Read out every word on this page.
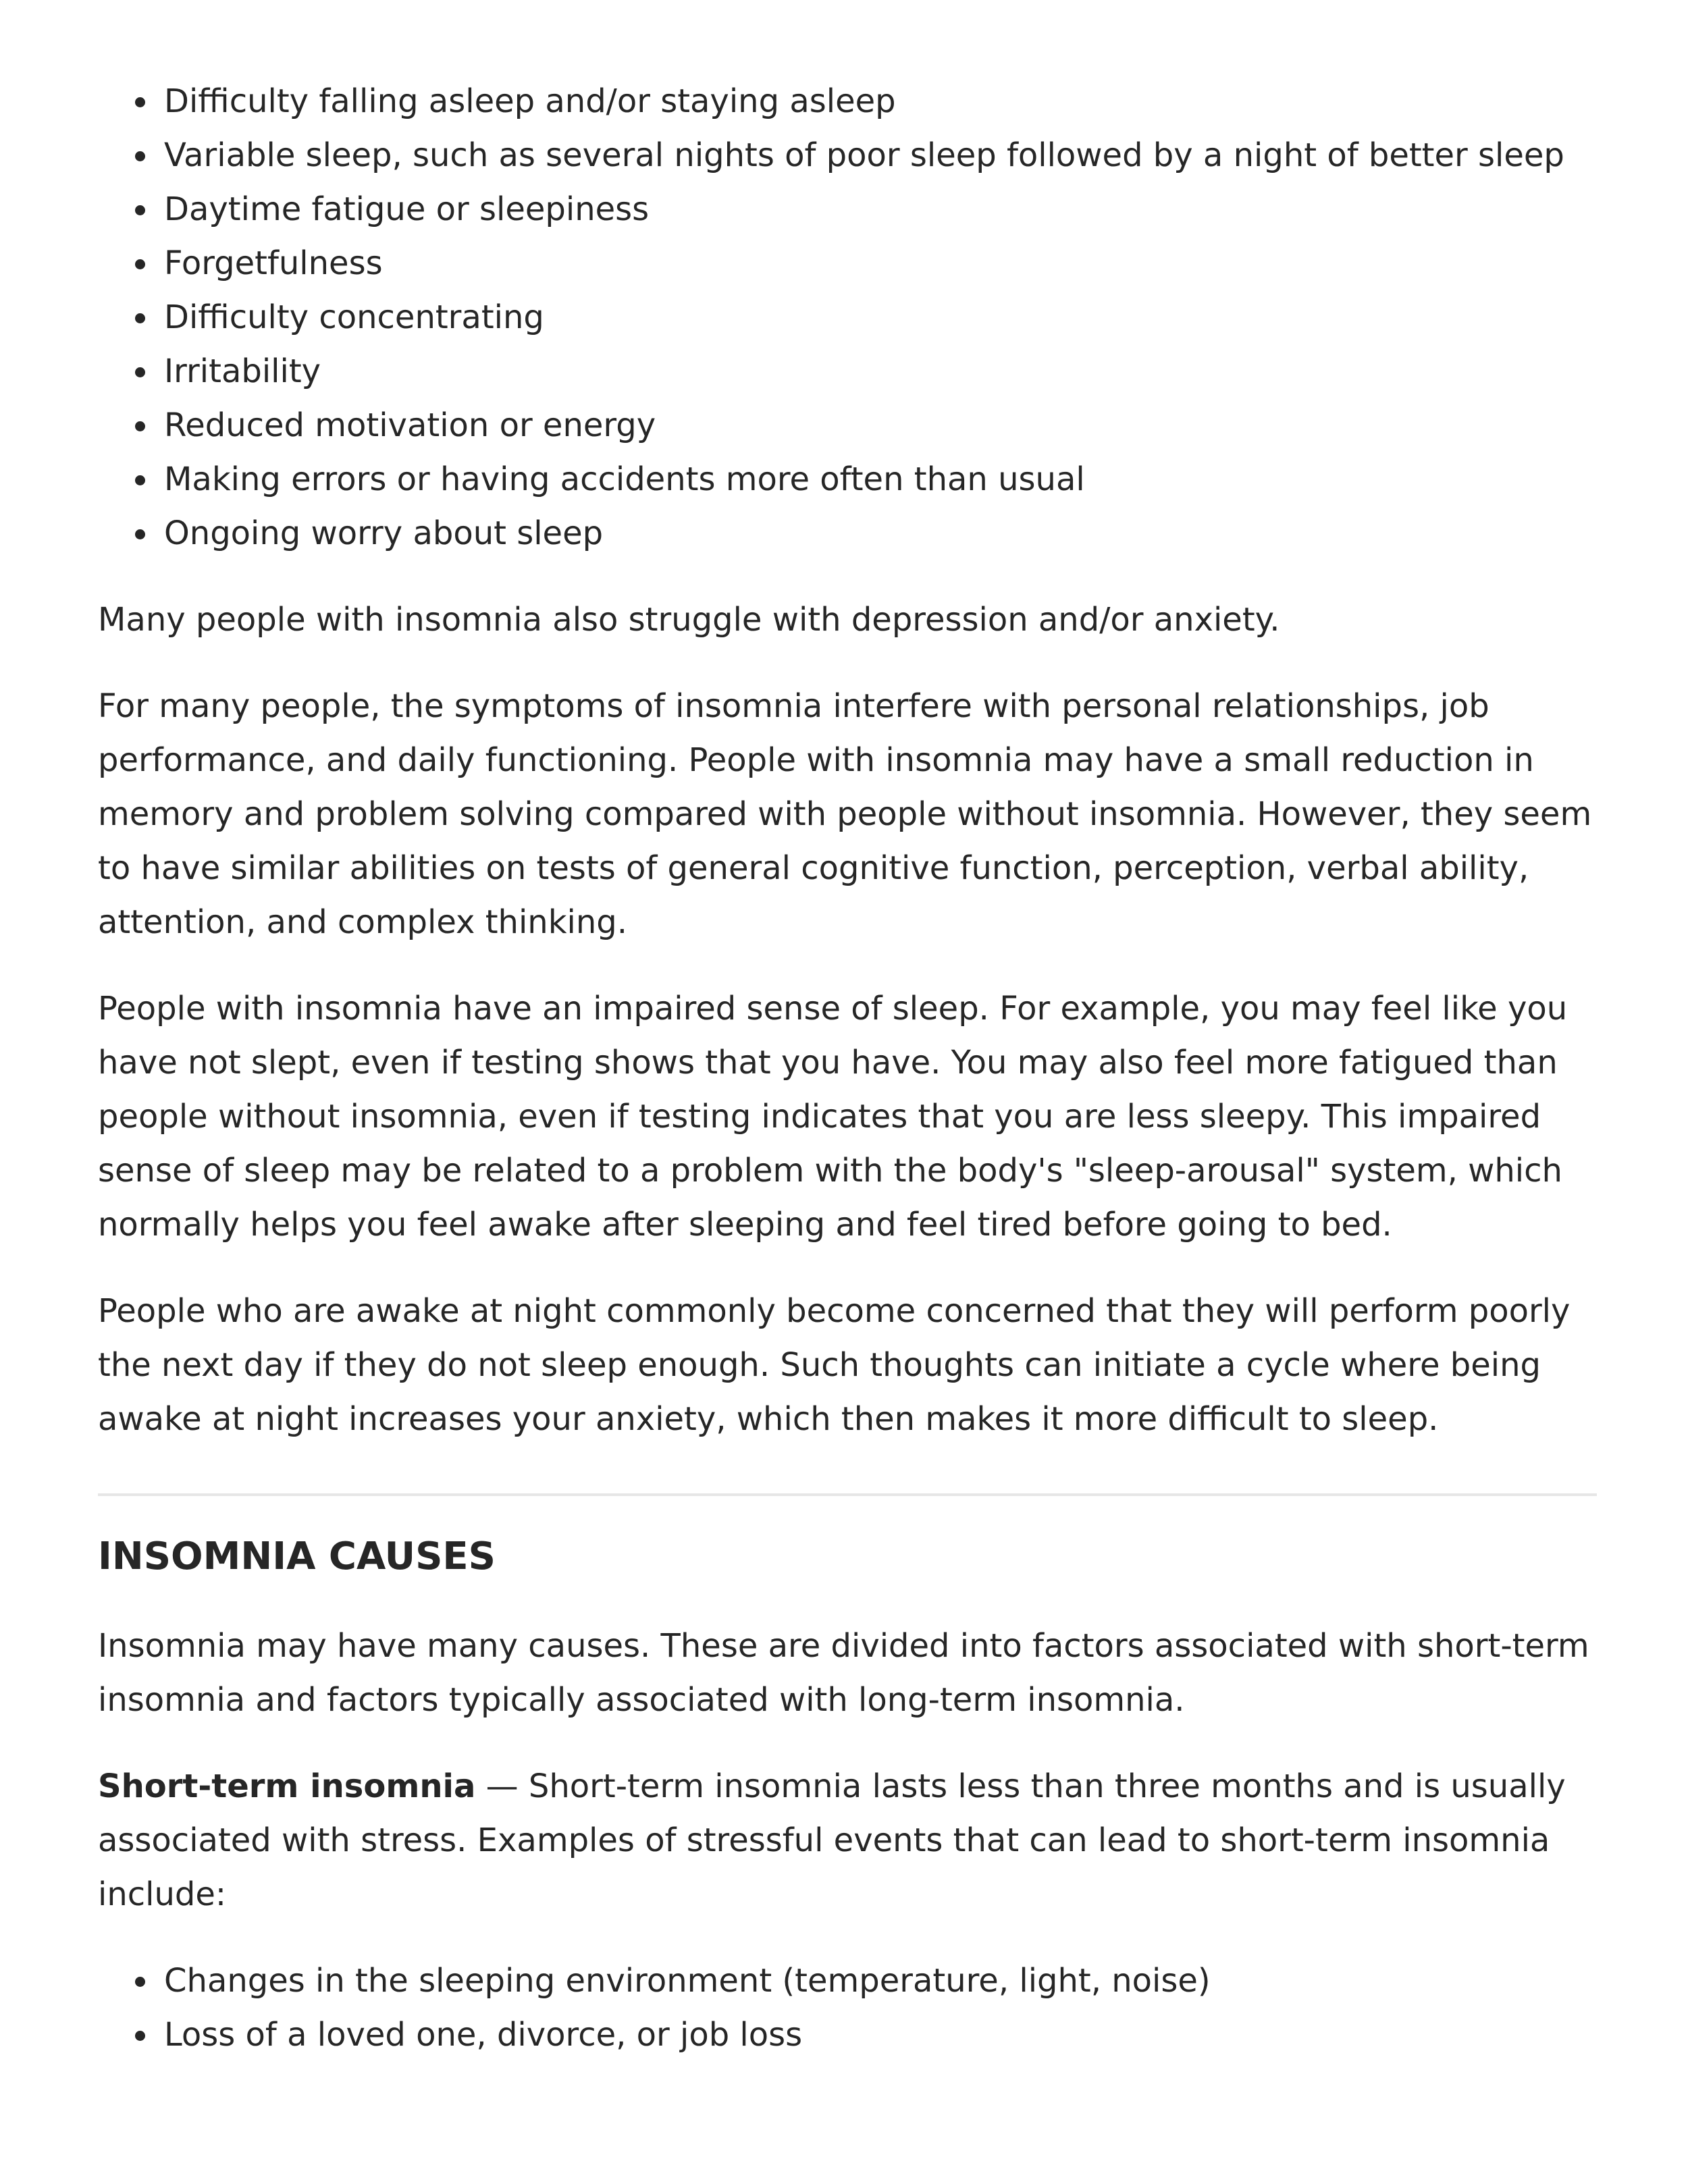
Difficulty falling asleep and/or staying asleep
Variable sleep, such as several nights of poor sleep followed by a night of better sleep
Daytime fatigue or sleepiness
Forgetfulness
Difficulty concentrating
Irritability
Reduced motivation or energy
Making errors or having accidents more often than usual
Ongoing worry about sleep

Many people with insomnia also struggle with depression and/or anxiety.

For many people, the symptoms of insomnia interfere with personal relationships, job performance, and daily functioning. People with insomnia may have a small reduction in memory and problem solving compared with people without insomnia. However, they seem to have similar abilities on tests of general cognitive function, perception, verbal ability, attention, and complex thinking.

People with insomnia have an impaired sense of sleep. For example, you may feel like you have not slept, even if testing shows that you have. You may also feel more fatigued than people without insomnia, even if testing indicates that you are less sleepy. This impaired sense of sleep may be related to a problem with the body's "sleep-arousal" system, which normally helps you feel awake after sleeping and feel tired before going to bed.

People who are awake at night commonly become concerned that they will perform poorly the next day if they do not sleep enough. Such thoughts can initiate a cycle where being awake at night increases your anxiety, which then makes it more difficult to sleep.

INSOMNIA CAUSES

Insomnia may have many causes. These are divided into factors associated with short-term insomnia and factors typically associated with long-term insomnia.

Short-term insomnia — Short-term insomnia lasts less than three months and is usually associated with stress. Examples of stressful events that can lead to short-term insomnia include:

Changes in the sleeping environment (temperature, light, noise)
Loss of a loved one, divorce, or job loss
